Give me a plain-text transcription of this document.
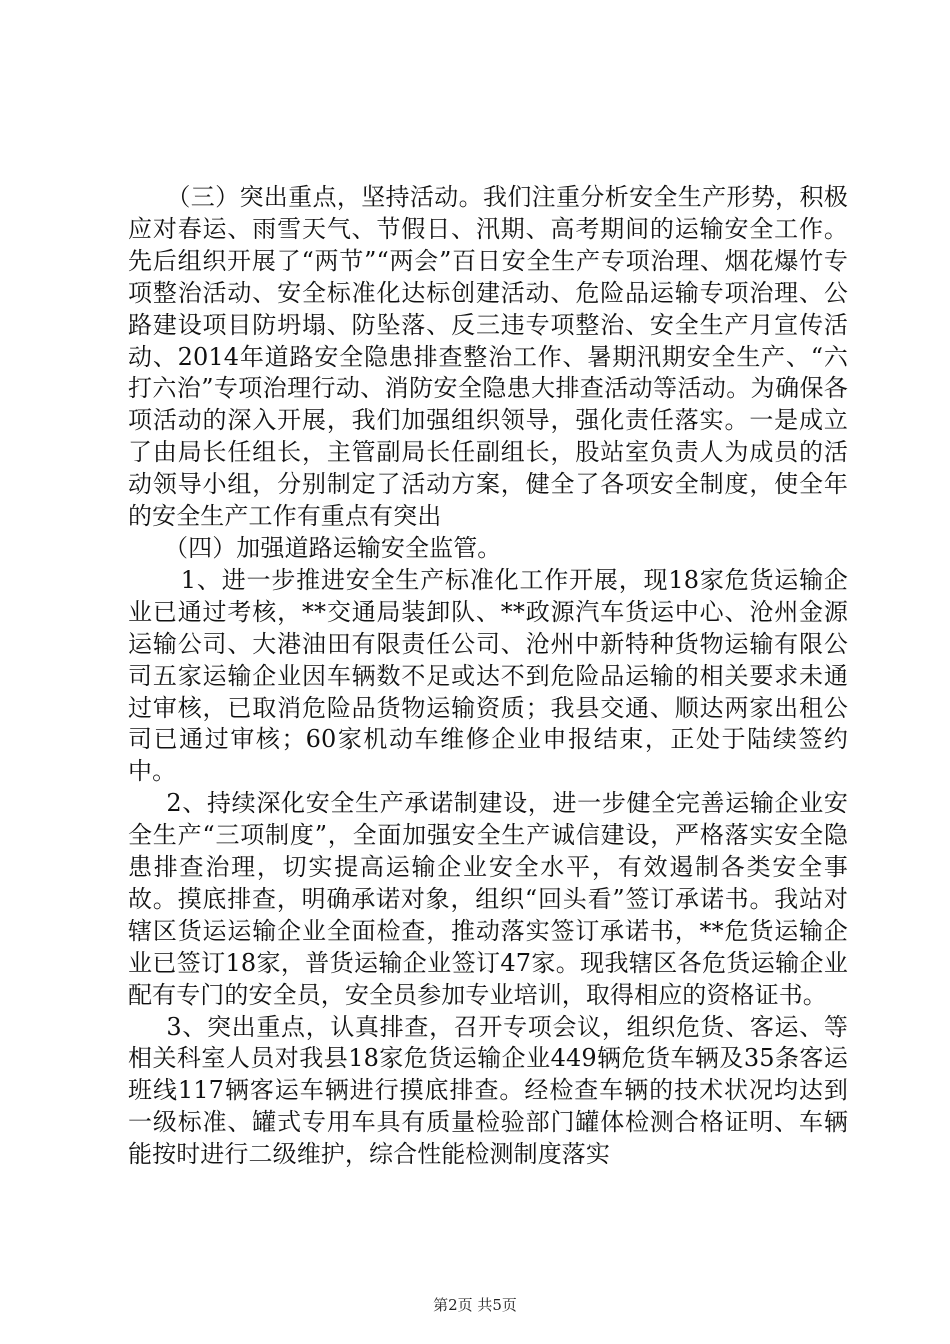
（三）突出重点，坚持活动。我们注重分析安全生产形势，积极应对春运、雨雪天气、节假日、汛期、高考期间的运输安全工作。先后组织开展了“两节”“两会”百日安全生产专项治理、烟花爆竹专项整治活动、安全标准化达标创建活动、危险品运输专项治理、公路建设项目防坍塌、防坠落、反三违专项整治、安全生产月宣传活动、2014年道路安全隐患排查整治工作、暑期汛期安全生产、“六打六治”专项治理行动、消防安全隐患大排查活动等活动。为确保各项活动的深入开展，我们加强组织领导，强化责任落实。一是成立了由局长任组长，主管副局长任副组长，股站室负责人为成员的活动领导小组，分别制定了活动方案，健全了各项安全制度，使全年的安全生产工作有重点有突出

（四）加强道路运输安全监管。

1、进一步推进安全生产标准化工作开展，现18家危货运输企业已通过考核，**交通局装卸队、**政源汽车货运中心、沧州金源运输公司、大港油田有限责任公司、沧州中新特种货物运输有限公司五家运输企业因车辆数不足或达不到危险品运输的相关要求未通过审核，已取消危险品货物运输资质；我县交通、顺达两家出租公司已通过审核；60家机动车维修企业申报结束，正处于陆续签约中。

2、持续深化安全生产承诺制建设，进一步健全完善运输企业安全生产“三项制度”，全面加强安全生产诚信建设，严格落实安全隐患排查治理，切实提高运输企业安全水平，有效遏制各类安全事故。摸底排查，明确承诺对象，组织“回头看”签订承诺书。我站对辖区货运运输企业全面检查，推动落实签订承诺书，**危货运输企业已签订18家，普货运输企业签订47家。现我辖区各危货运输企业配有专门的安全员，安全员参加专业培训，取得相应的资格证书。

3、突出重点，认真排查，召开专项会议，组织危货、客运、等相关科室人员对我县18家危货运输企业449辆危货车辆及35条客运班线117辆客运车辆进行摸底排查。经检查车辆的技术状况均达到一级标准、罐式专用车具有质量检验部门罐体检测合格证明、车辆能按时进行二级维护，综合性能检测制度落实

第2页 共5页
